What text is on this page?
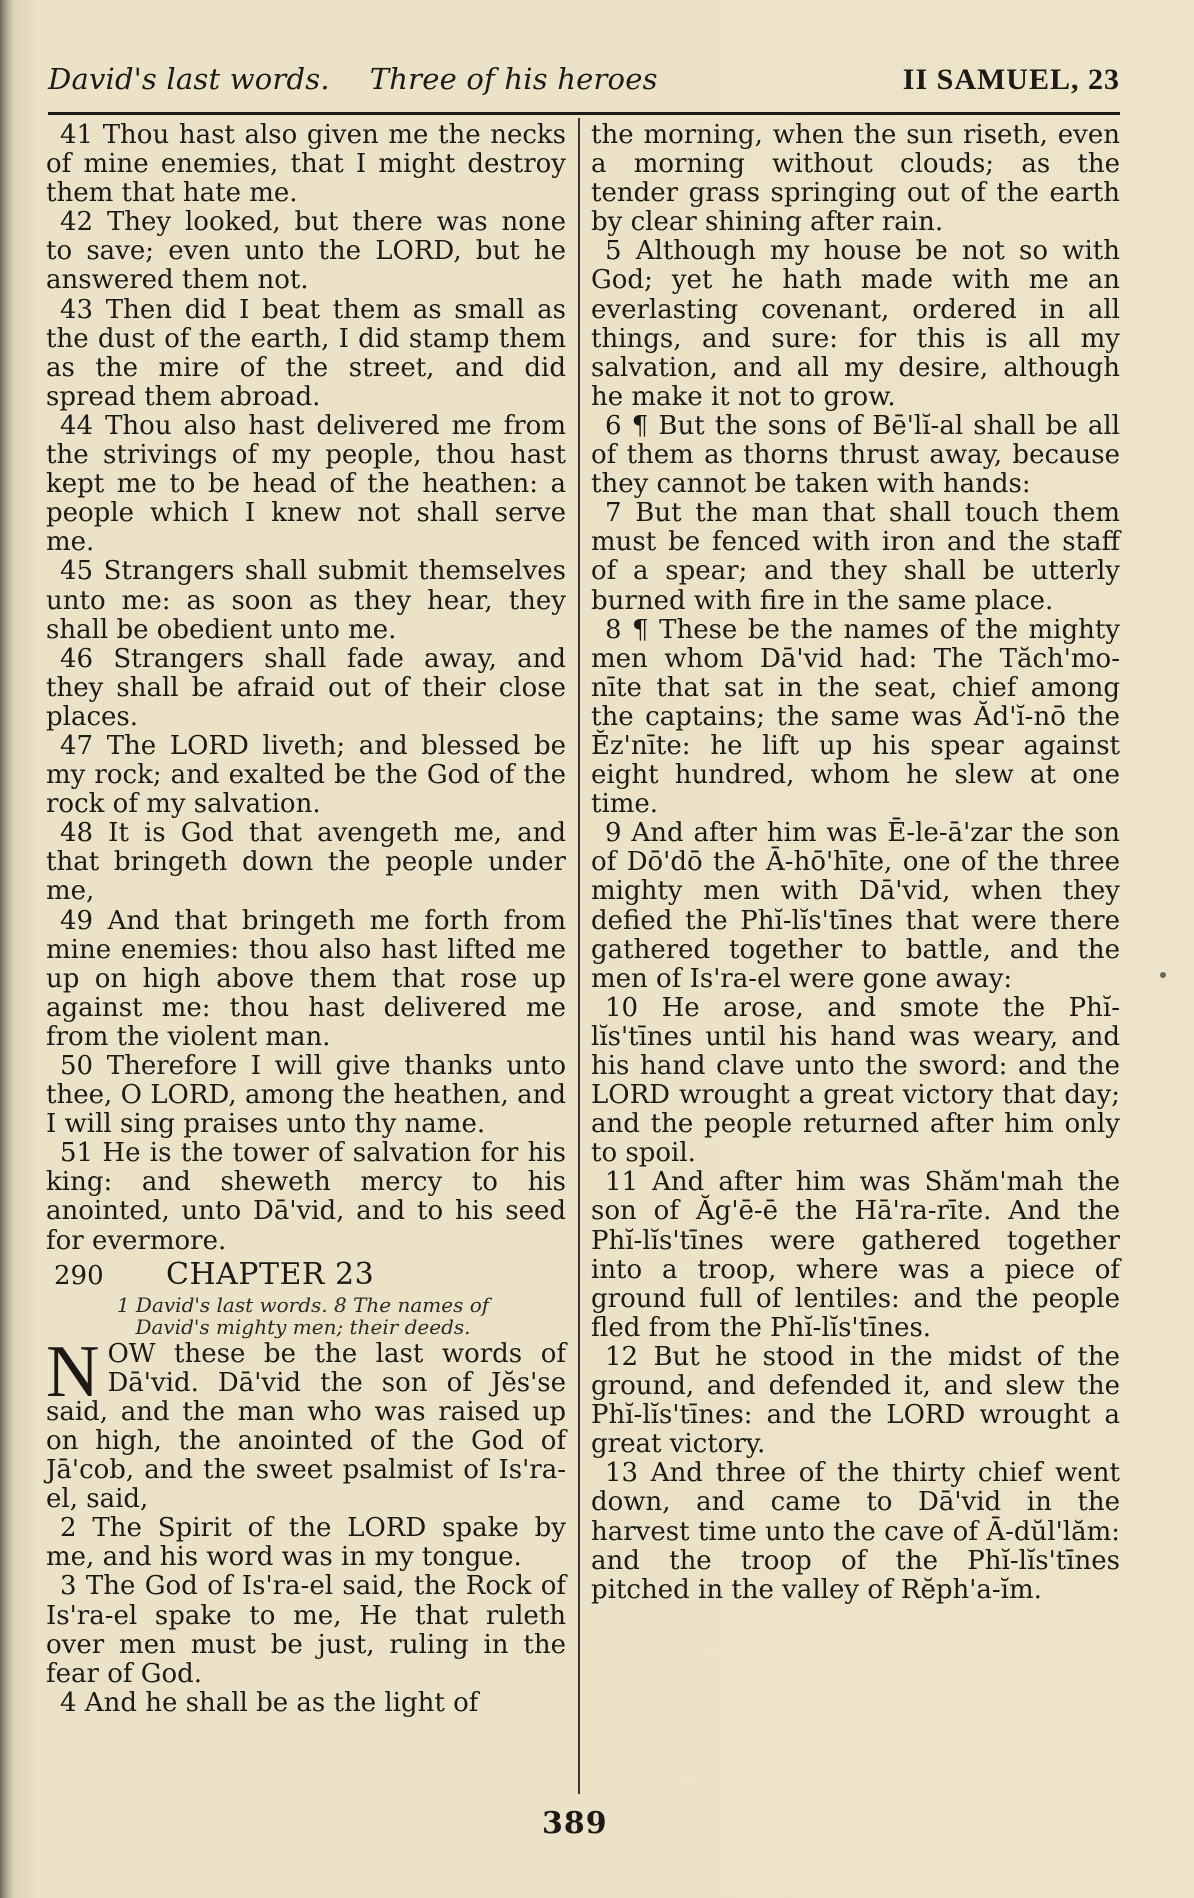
David's last words. Three of his heroes	II SAMUEL, 23

41 Thou hast also given me the necks of mine enemies, that I might destroy them that hate me.

42 They looked, but there was none to save; even unto the LORD, but he answered them not.

43 Then did I beat them as small as the dust of the earth, I did stamp them as the mire of the street, and did spread them abroad.

44 Thou also hast delivered me from the strivings of my people, thou hast kept me to be head of the heathen: a people which I knew not shall serve me.

45 Strangers shall submit themselves unto me: as soon as they hear, they shall be obedient unto me.

46 Strangers shall fade away, and they shall be afraid out of their close places.

47 The LORD liveth; and blessed be my rock; and exalted be the God of the rock of my salvation.

48 It is God that avengeth me, and that bringeth down the people under me,

49 And that bringeth me forth from mine enemies: thou also hast lifted me up on high above them that rose up against me: thou hast delivered me from the violent man.

50 Therefore I will give thanks unto thee, O LORD, among the heathen, and I will sing praises unto thy name.

51 He is the tower of salvation for his king: and sheweth mercy to his anointed, unto Dā'vid, and to his seed for evermore.

290	CHAPTER 23
1 David's last words. 8 The names of
David's mighty men; their deeds.
N OW these be the last words of Dā'vid. Dā'vid the son of Jĕs'se said, and the man who was raised up on high, the anointed of the God of Jā'cob, and the sweet psalmist of Is'ra-el, said,

2 The Spirit of the LORD spake by me, and his word was in my tongue.

3 The God of Is'ra-el said, the Rock of Is'ra-el spake to me, He that ruleth over men must be just, ruling in the fear of God.

4 And he shall be as the light of

the morning, when the sun riseth, even a morning without clouds; as the tender grass springing out of the earth by clear shining after rain.

5 Although my house be not so with God; yet he hath made with me an everlasting covenant, ordered in all things, and sure: for this is all my salvation, and all my desire, although he make it not to grow.

6 ¶ But the sons of Bē'lĭ-al shall be all of them as thorns thrust away, because they cannot be taken with hands:

7 But the man that shall touch them must be fenced with iron and the staff of a spear; and they shall be utterly burned with fire in the same place.

8 ¶ These be the names of the mighty men whom Dā'vid had: The Tăch'mo-nīte that sat in the seat, chief among the captains; the same was Ăd'ĭ-nō the Ĕz'nīte: he lift up his spear against eight hundred, whom he slew at one time.

9 And after him was Ē-le-ā'zar the son of Dō'dō the Ā-hō'hīte, one of the three mighty men with Dā'vid, when they defied the Phĭ-lĭs'tīnes that were there gathered together to battle, and the men of Is'ra-el were gone away:

10 He arose, and smote the Phĭ-lĭs'tīnes until his hand was weary, and his hand clave unto the sword: and the LORD wrought a great victory that day; and the people returned after him only to spoil.

11 And after him was Shăm'mah the son of Ăg'ē-ē the Hā'ra-rīte. And the Phĭ-lĭs'tīnes were gathered together into a troop, where was a piece of ground full of lentiles: and the people fled from the Phĭ-lĭs'tīnes.

12 But he stood in the midst of the ground, and defended it, and slew the Phĭ-lĭs'tīnes: and the LORD wrought a great victory.

13 And three of the thirty chief went down, and came to Dā'vid in the harvest time unto the cave of Ā-dŭl'lăm: and the troop of the Phĭ-lĭs'tīnes pitched in the valley of Rĕph'a-ĭm.

389
